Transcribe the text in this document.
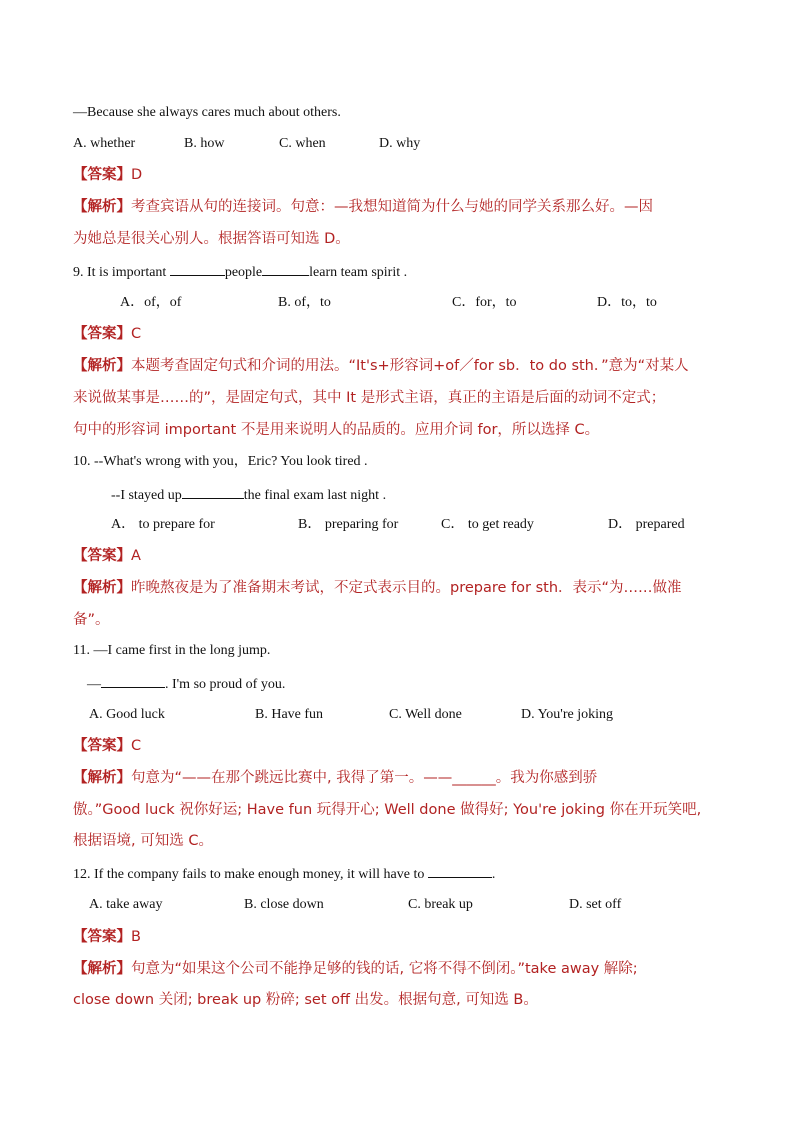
—Because she always cares much about others.
A. whether	B. how	C. when	D. why
【答案】D
【解析】考查宾语从句的连接词。句意：—我想知道简为什么与她的同学关系那么好。—因
为她总是很关心别人。根据答语可知选 D。
9. It is important	people	learn team spirit .
A．of，of	B. of，to	C．for，to	D．to，to
【答案】C
【解析】本题考查固定句式和介词的用法。“It's+形容词+of／for sb．to do sth．”意为“对某人
来说做某事是……的”，是固定句式，其中 It 是形式主语，真正的主语是后面的动词不定式；
句中的形容词 important 不是用来说明人的品质的。应用介词 for，所以选择 C。
10. --What's wrong with you，Eric? You look tired .
--I stayed up	the final exam last night .
A． to prepare for	B． preparing for	C． to get ready	D． prepared
【答案】A
【解析】昨晚熬夜是为了准备期末考试，不定式表示目的。prepare for sth．表示“为……做准
备”。
11. —I came first in the long jump.
—	. I'm so proud of you.
A. Good luck	B. Have fun	C. Well done	D. You're joking
【答案】C
【解析】句意为“——在那个跳远比赛中, 我得了第一。——______。我为你感到骄
傲。”Good luck 祝你好运; Have fun 玩得开心; Well done 做得好; You're joking 你在开玩笑吧,
根据语境, 可知选 C。
12. If the company fails to make enough money, it will have to	.
A. take away	B. close down	C. break up	D. set off
【答案】B
【解析】句意为“如果这个公司不能挣足够的钱的话, 它将不得不倒闭。”take away 解除;
close down 关闭; break up 粉碎; set off 出发。根据句意, 可知选 B。
